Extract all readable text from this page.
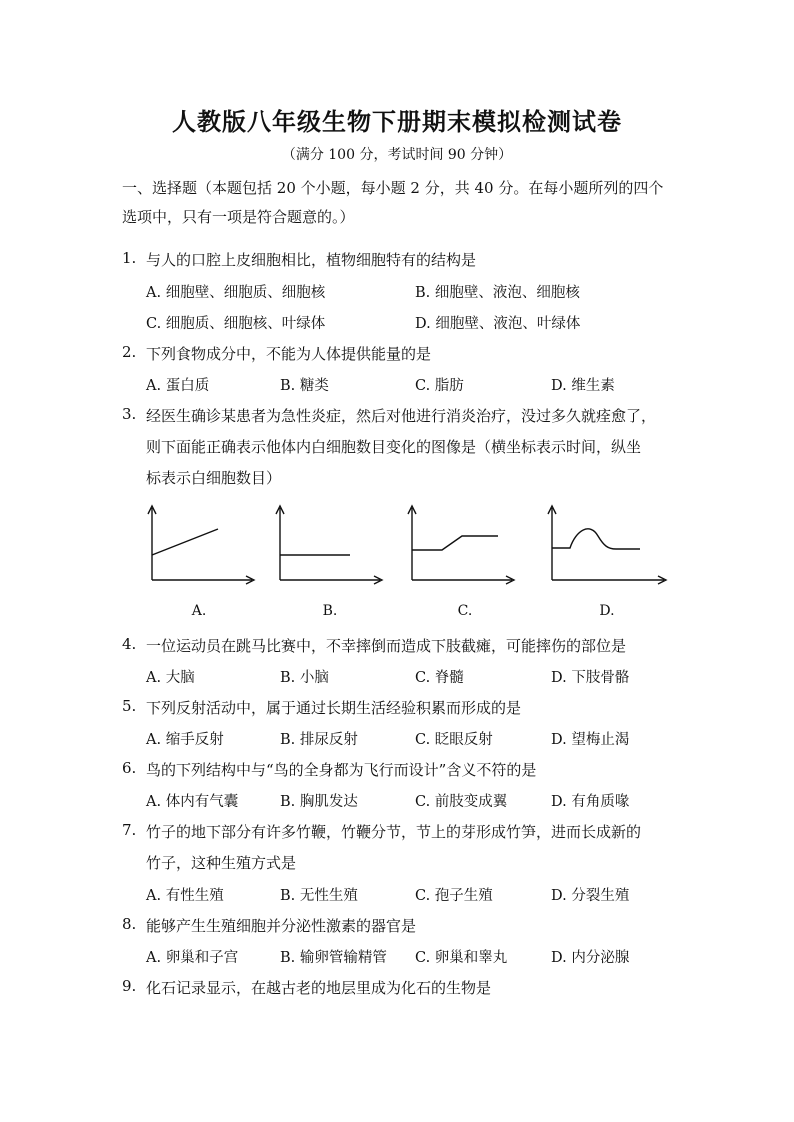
人教版八年级生物下册期末模拟检测试卷
（满分 100 分，考试时间 90 分钟）
一、选择题（本题包括 20 个小题，每小题 2 分，共 40 分。在每小题所列的四个
选项中，只有一项是符合题意的。）
1. 与人的口腔上皮细胞相比，植物细胞特有的结构是
A. 细胞壁、细胞质、细胞核	B. 细胞壁、液泡、细胞核
C. 细胞质、细胞核、叶绿体	D. 细胞壁、液泡、叶绿体
2. 下列食物成分中，不能为人体提供能量的是
A. 蛋白质	B. 糖类	C. 脂肪	D. 维生素
3. 经医生确诊某患者为急性炎症，然后对他进行消炎治疗，没过多久就痊愈了，
则下面能正确表示他体内白细胞数目变化的图像是（横坐标表示时间，纵坐
标表示白细胞数目）
A.	B.	C.	D.
4. 一位运动员在跳马比赛中，不幸摔倒而造成下肢截瘫，可能摔伤的部位是
A. 大脑	B. 小脑	C. 脊髓	D. 下肢骨骼
5. 下列反射活动中，属于通过长期生活经验积累而形成的是
A. 缩手反射	B. 排尿反射	C. 眨眼反射	D. 望梅止渴
6. 鸟的下列结构中与“鸟的全身都为飞行而设计”含义不符的是
A. 体内有气囊	B. 胸肌发达	C. 前肢变成翼	D. 有角质喙
7. 竹子的地下部分有许多竹鞭，竹鞭分节，节上的芽形成竹笋，进而长成新的
竹子，这种生殖方式是
A. 有性生殖	B. 无性生殖	C. 孢子生殖	D. 分裂生殖
8. 能够产生生殖细胞并分泌性激素的器官是
A. 卵巢和子宫	B. 输卵管输精管 C. 卵巢和睾丸	D. 内分泌腺
9. 化石记录显示，在越古老的地层里成为化石的生物是
